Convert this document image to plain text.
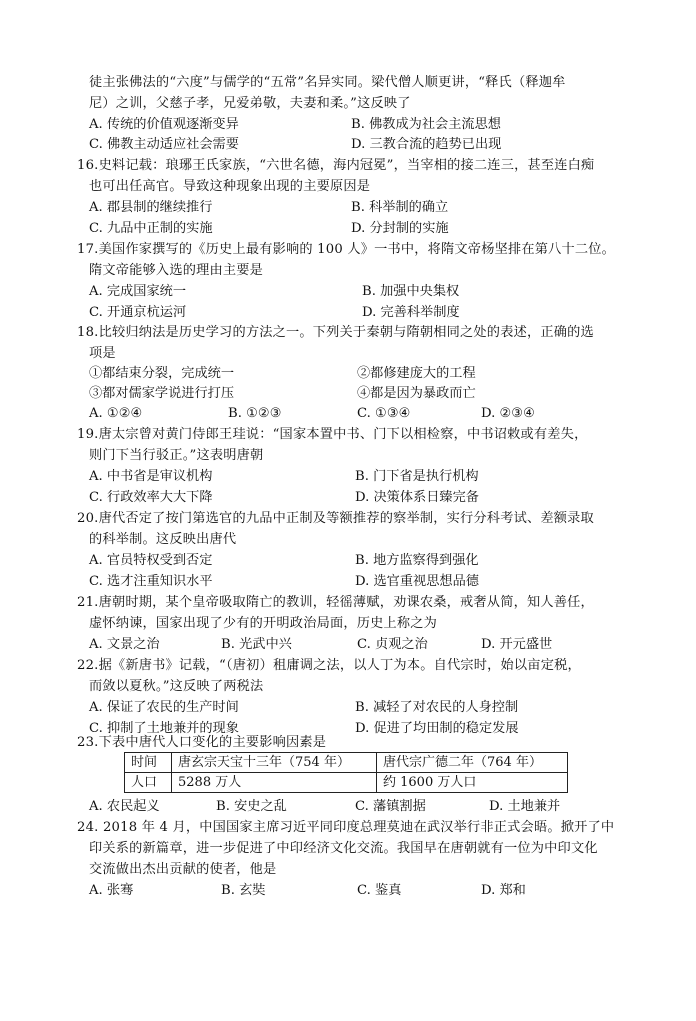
徒主张佛法的“六度”与儒学的“五常”名异实同。梁代僧人顺更讲，“释氏（释迦牟
尼）之训，父慈子孝，兄爱弟敬，夫妻和柔。”这反映了
A. 传统的价值观逐渐变异	B. 佛教成为社会主流思想
C. 佛教主动适应社会需要	D. 三教合流的趋势已出现
16.史料记载：琅琊王氏家族，“六世名德，海内冠冕”，当宰相的接二连三，甚至连白痴
也可出任高官。导致这种现象出现的主要原因是
A. 郡县制的继续推行	B. 科举制的确立
C. 九品中正制的实施	D. 分封制的实施
17.美国作家撰写的《历史上最有影响的 100 人》一书中，将隋文帝杨坚排在第八十二位。
隋文帝能够入选的理由主要是
A. 完成国家统一	B. 加强中央集权
C. 开通京杭运河	D. 完善科举制度
18.比较归纳法是历史学习的方法之一。下列关于秦朝与隋朝相同之处的表述，正确的选
项是
①都结束分裂，完成统一	②都修建庞大的工程
③都对儒家学说进行打压	④都是因为暴政而亡
A. ①②④	B. ①②③	C. ①③④	D. ②③④
19.唐太宗曾对黄门侍郎王珪说：“国家本置中书、门下以相检察，中书诏敕或有差失，
则门下当行驳正。”这表明唐朝
A. 中书省是审议机构	B. 门下省是执行机构
C. 行政效率大大下降	D. 决策体系日臻完备
20.唐代否定了按门第选官的九品中正制及等额推荐的察举制，实行分科考试、差额录取
的科举制。这反映出唐代
A. 官员特权受到否定	B. 地方监察得到强化
C. 选才注重知识水平	D. 选官重视思想品德
21.唐朝时期，某个皇帝吸取隋亡的教训，轻徭薄赋，劝课农桑，戒奢从简，知人善任，
虚怀纳谏，国家出现了少有的开明政治局面，历史上称之为
A. 文景之治	B. 光武中兴	C. 贞观之治	D. 开元盛世
22.据《新唐书》记载，“（唐初）租庸调之法，以人丁为本。自代宗时，始以亩定税，
而敛以夏秋。”这反映了两税法
A. 保证了农民的生产时间	B. 减轻了对农民的人身控制
C. 抑制了土地兼并的现象	D. 促进了均田制的稳定发展
23.下表中唐代人口变化的主要影响因素是
时间	唐玄宗天宝十三年（754 年）	唐代宗广德二年（764 年）
人口	5288 万人	约 1600 万人口
A. 农民起义	B. 安史之乱	C. 藩镇割据	D. 土地兼并
24. 2018 年 4 月，中国国家主席习近平同印度总理莫迪在武汉举行非正式会晤。掀开了中
印关系的新篇章，进一步促进了中印经济文化交流。我国早在唐朝就有一位为中印文化
交流做出杰出贡献的使者，他是
A. 张骞	B. 玄奘	C. 鉴真	D. 郑和
